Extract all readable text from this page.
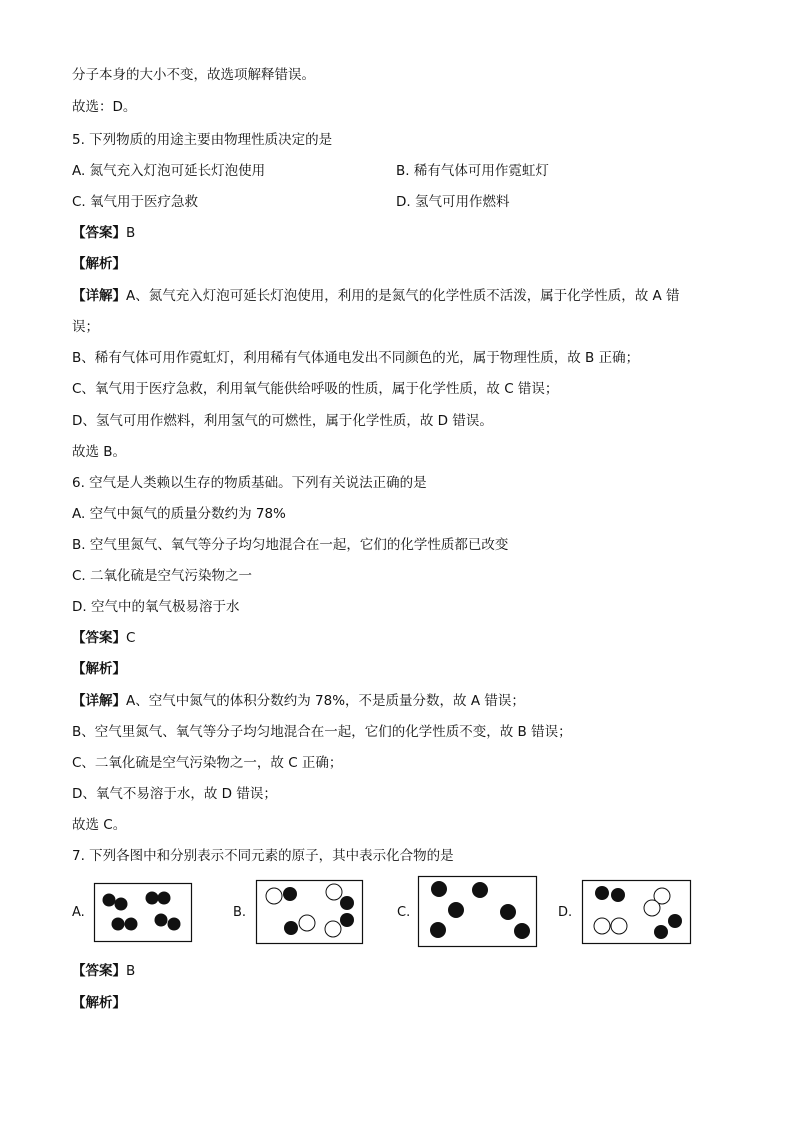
分子本身的大小不变，故选项解释错误。
故选：D。
5. 下列物质的用途主要由物理性质决定的是
A. 氮气充入灯泡可延长灯泡使用	B. 稀有气体可用作霓虹灯
C. 氧气用于医疗急救	D. 氢气可用作燃料
【答案】B
【解析】
【详解】A、氮气充入灯泡可延长灯泡使用，利用的是氮气的化学性质不活泼，属于化学性质，故 A 错
误；
B、稀有气体可用作霓虹灯，利用稀有气体通电发出不同颜色的光，属于物理性质，故 B 正确；
C、氧气用于医疗急救，利用氧气能供给呼吸的性质，属于化学性质，故 C 错误；
D、氢气可用作燃料，利用氢气的可燃性，属于化学性质，故 D 错误。
故选 B。
6. 空气是人类赖以生存的物质基础。下列有关说法正确的是
A. 空气中氮气的质量分数约为 78%
B. 空气里氮气、氧气等分子均匀地混合在一起，它们的化学性质都已改变
C. 二氧化硫是空气污染物之一
D. 空气中的氧气极易溶于水
【答案】C
【解析】
【详解】A、空气中氮气的体积分数约为 78%，不是质量分数，故 A 错误；
B、空气里氮气、氧气等分子均匀地混合在一起，它们的化学性质不变，故 B 错误；
C、二氧化硫是空气污染物之一，故 C 正确；
D、氧气不易溶于水，故 D 错误；
故选 C。
7. 下列各图中和分别表示不同元素的原子，其中表示化合物的是
A.	B.	C.	D.
【答案】B
【解析】
